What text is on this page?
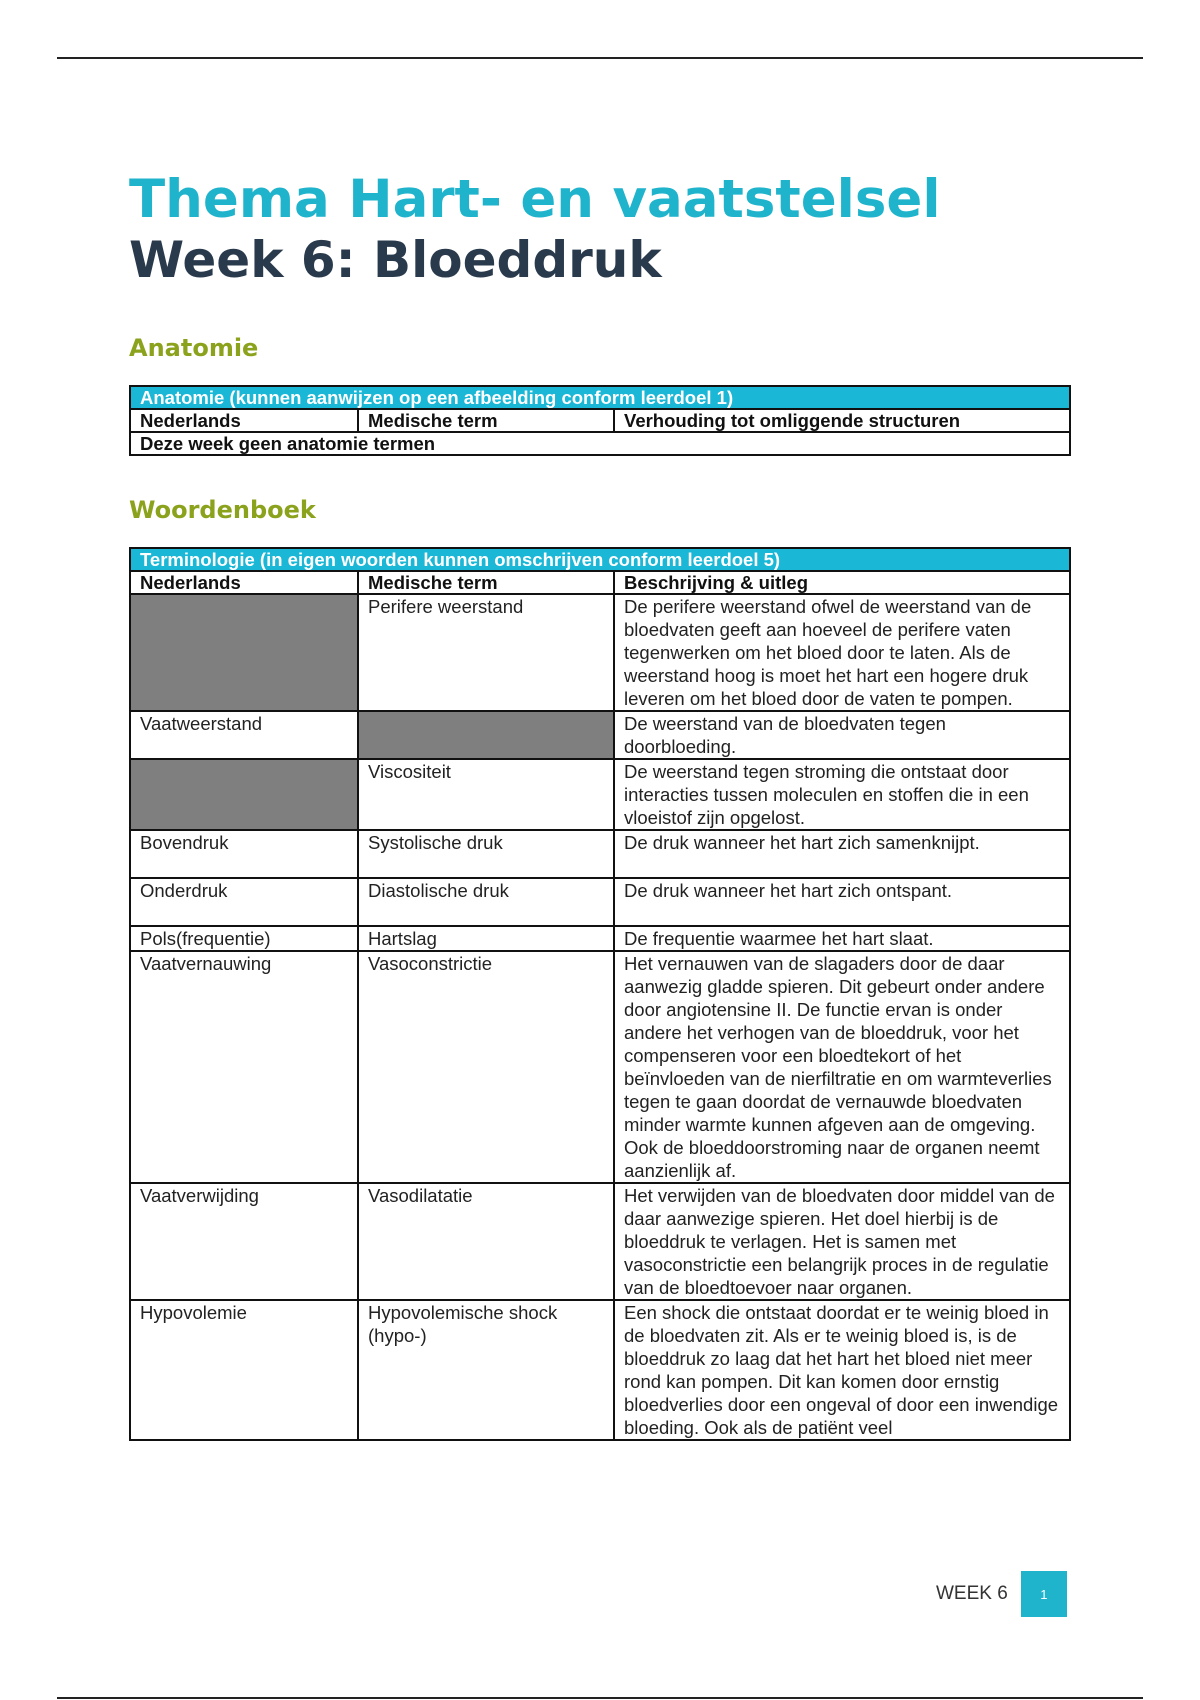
Thema Hart- en vaatstelsel
Week 6: Bloeddruk
Anatomie
Anatomie (kunnen aanwijzen op een afbeelding conform leerdoel 1)
Nederlands	Medische term	Verhouding tot omliggende structuren
Deze week geen anatomie termen
Woordenboek
Terminologie (in eigen woorden kunnen omschrijven conform leerdoel 5)		
Nederlands	Medische term	Beschrijving & uitleg
	Perifere weerstand	De perifere weerstand ofwel de weerstand van de bloedvaten geeft aan hoeveel de perifere vaten tegenwerken om het bloed door te laten. Als de weerstand hoog is moet het hart een hogere druk leveren om het bloed door de vaten te pompen.
Vaatweerstand		De weerstand van de bloedvaten tegen doorbloeding.
	Viscositeit	De weerstand tegen stroming die ontstaat door interacties tussen moleculen en stoffen die in een vloeistof zijn opgelost.
Bovendruk	Systolische druk	De druk wanneer het hart zich samenknijpt.
Onderdruk	Diastolische druk	De druk wanneer het hart zich ontspant.
Pols(frequentie)	Hartslag	De frequentie waarmee het hart slaat.
Vaatvernauwing	Vasoconstrictie	Het vernauwen van de slagaders door de daar aanwezig gladde spieren. Dit gebeurt onder andere door angiotensine II. De functie ervan is onder andere het verhogen van de bloeddruk, voor het compenseren voor een bloedtekort of het beïnvloeden van de nierfiltratie en om warmteverlies tegen te gaan doordat de vernauwde bloedvaten minder warmte kunnen afgeven aan de omgeving. Ook de bloeddoorstroming naar de organen neemt aanzienlijk af.
Vaatverwijding	Vasodilatatie	Het verwijden van de bloedvaten door middel van de daar aanwezige spieren. Het doel hierbij is de bloeddruk te verlagen. Het is samen met vasoconstrictie een belangrijk proces in de regulatie van de bloedtoevoer naar organen.
Hypovolemie	Hypovolemische shock (hypo-)	Een shock die ontstaat doordat er te weinig bloed in de bloedvaten zit. Als er te weinig bloed is, is de bloeddruk zo laag dat het hart het bloed niet meer rond kan pompen. Dit kan komen door ernstig bloedverlies door een ongeval of door een inwendige bloeding. Ook als de patiënt veel
WEEK 6	1
